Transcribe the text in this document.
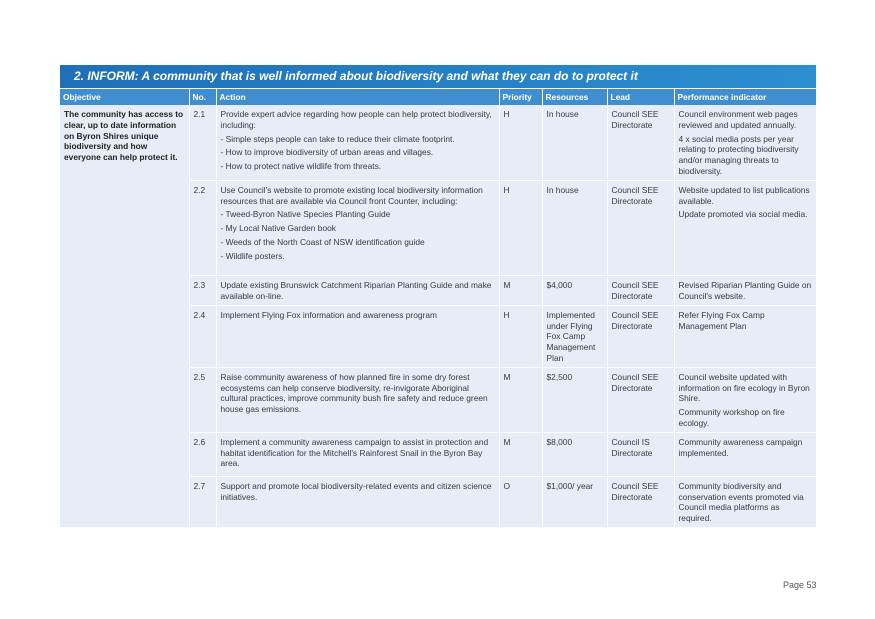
2. INFORM: A community that is well informed about biodiversity and what they can do to protect it
Objective	No.	Action	Priority	Resources	Lead	Performance indicator
The community has access to clear, up to date information on Byron Shires unique biodiversity and how everyone can help protect it.	2.1	Provide expert advice regarding how people can help protect biodiversity, including:
- Simple steps people can take to reduce their climate footprint.
- How to improve biodiversity of urban areas and villages.
- How to protect native wildlife from threats.	H	In house	Council SEE Directorate	Council environment web pages reviewed and updated annually.
4 x social media posts per year relating to protecting biodiversity and/or managing threats to biodiversity.

	2.2	Use Council's website to promote existing local biodiversity information resources that are available via Council front Counter, including:
- Tweed-Byron Native Species Planting Guide
- My Local Native Garden book
- Weeds of the North Coast of NSW identification guide
- Wildlife posters.	H	In house	Council SEE Directorate	Website updated to list publications available.
Update promoted via social media.

	2.3	Update existing Brunswick Catchment Riparian Planting Guide and make available on-line.	M	$4,000	Council SEE Directorate	Revised Riparian Planting Guide on Council's website.

	2.4	Implement Flying Fox information and awareness program	H	Implemented under Flying Fox Camp Management Plan	Council SEE Directorate	Refer Flying Fox Camp Management Plan

	2.5	Raise community awareness of how planned fire in some dry forest ecosystems can help conserve biodiversity, re-invigorate Aboriginal cultural practices, improve community bush fire safety and reduce green house gas emissions.	M	$2,500	Council SEE Directorate	Council website updated with information on fire ecology in Byron Shire.
Community workshop on fire ecology.

	2.6	Implement a community awareness campaign to assist in protection and habitat identification for the Mitchell's Rainforest Snail in the Byron Bay area.	M	$8,000	Council IS Directorate	Community awareness campaign implemented.

	2.7	Support and promote local biodiversity-related events and citizen science initiatives.	O	$1,000/ year	Council SEE Directorate	Community biodiversity and conservation events promoted via Council media platforms as required.
Page 53
